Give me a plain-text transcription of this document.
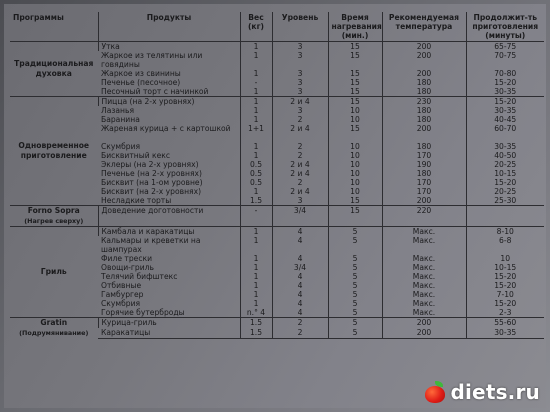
Программы	Продукты	Вес (кг)	Уровень	Время нагревания (мин.)	Рекомендуемая температура	Продолжит-ть приготовления (минуты)

Традициональная духовка	Утка	1	3	15	200	65-75
	Жаркое из телятины или говядины	1	3	15	200	70-75
	Жаркое из свинины	1	3	15	200	70-80
	Печенье (песочное)	-	3	15	180	15-20
	Песочный торт с начинкой	1	3	15	180	30-35

Одновременное приготовление	Пицца (на 2-х уровнях)	1	2 и 4	15	230	15-20
	Лазанья	1	3	10	180	30-35
	Баранина	1	2	10	180	40-45
	Жареная курица + с картошкой	1+1	2 и 4	15	200	60-70
	Скумбрия	1	2	10	180	30-35
	Бисквитный кекс	1	2	10	170	40-50
	Эклеры (на 2-х уровнях)	0.5	2 и 4	10	190	20-25
	Печенье (на 2-х уровнях)	0.5	2 и 4	10	180	10-15
	Бисквит (на 1-ом уровне)	0.5	2	10	170	15-20
	Бисквит (на 2-х уровнях)	1	2 и 4	10	170	20-25
	Несладкие торты	1.5	3	15	200	25-30

Forno Sopra
(Нагрев сверху)	Доведение доготовности	-	3/4	15	220	

Гриль	Камбала и каракатицы	1	4	5	Макс.	8-10
	Кальмары и креветки на шампурах	1	4	5	Макс.	6-8
	Филе трески	1	4	5	Макс.	10
	Овощи-гриль	1	3/4	5	Макс.	10-15
	Телячий бифштекс	1	4	5	Макс.	15-20
	Отбивные	1	4	5	Макс.	15-20
	Гамбургер	1	4	5	Макс.	7-10
	Скумбрия	1	4	5	Макс.	15-20
	Горячие бутерброды	n.° 4	4	5	Макс.	2-3

Gratin
(Подрумянивание)	Курица-гриль	1.5	2	5	200	55-60
	Каракатицы	1.5	2	5	200	30-35
diets.ru
